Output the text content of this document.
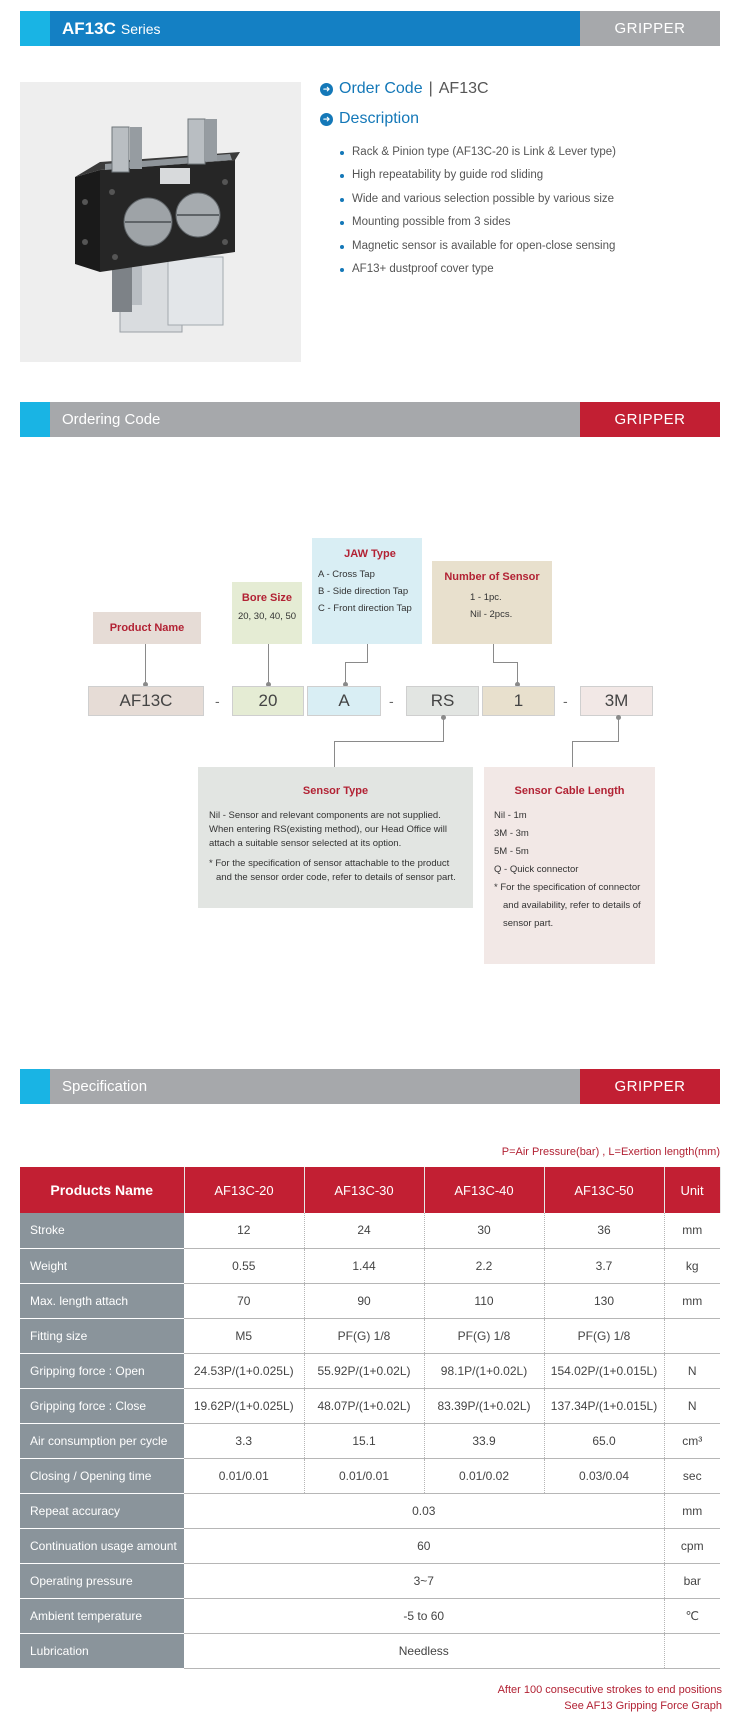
AF13C Series	GRIPPER
➜ Order Code | AF13C
➜ Description
Rack & Pinion type (AF13C-20 is Link & Lever type)
High repeatability by guide rod sliding
Wide and various selection possible by various size
Mounting possible from 3 sides
Magnetic sensor is available for open-close sensing
AF13+ dustproof cover type
Ordering Code	GRIPPER
Product Name
Bore Size
20, 30, 40, 50
JAW Type
A - Cross Tap
B - Side direction Tap
C - Front direction Tap
Number of Sensor
1 - 1pc.
Nil - 2pcs.
AF13C	-	20	A	-	RS	1	-	3M
Sensor Type
Nil - Sensor and relevant components are not supplied.
When entering RS(existing method), our Head Office will
attach a suitable sensor selected at its option.
* For the specification of sensor attachable to the product
and the sensor order code, refer to details of sensor part.
Sensor Cable Length
Nil - 1m
3M - 3m
5M - 5m
Q - Quick connector
* For the specification of connector
and availability, refer to details of
sensor part.
Specification	GRIPPER
P=Air Pressure(bar) , L=Exertion length(mm)
Products Name	AF13C-20	AF13C-30	AF13C-40	AF13C-50	Unit
Stroke	12	24	30	36	mm
Weight	0.55	1.44	2.2	3.7	kg
Max. length attach	70	90	110	130	mm
Fitting size	M5	PF(G) 1/8	PF(G) 1/8	PF(G) 1/8	
Gripping force : Open	24.53P/(1+0.025L)	55.92P/(1+0.02L)	98.1P/(1+0.02L)	154.02P/(1+0.015L)	N
Gripping force : Close	19.62P/(1+0.025L)	48.07P/(1+0.02L)	83.39P/(1+0.02L)	137.34P/(1+0.015L)	N
Air consumption per cycle	3.3	15.1	33.9	65.0	cm³
Closing / Opening time	0.01/0.01	0.01/0.01	0.01/0.02	0.03/0.04	sec
Repeat accuracy	0.03				mm
Continuation usage amount	60				cpm
Operating pressure	3~7				bar
Ambient temperature	-5 to 60				℃
Lubrication	Needless				
After 100 consecutive strokes to end positions
See AF13 Gripping Force Graph
